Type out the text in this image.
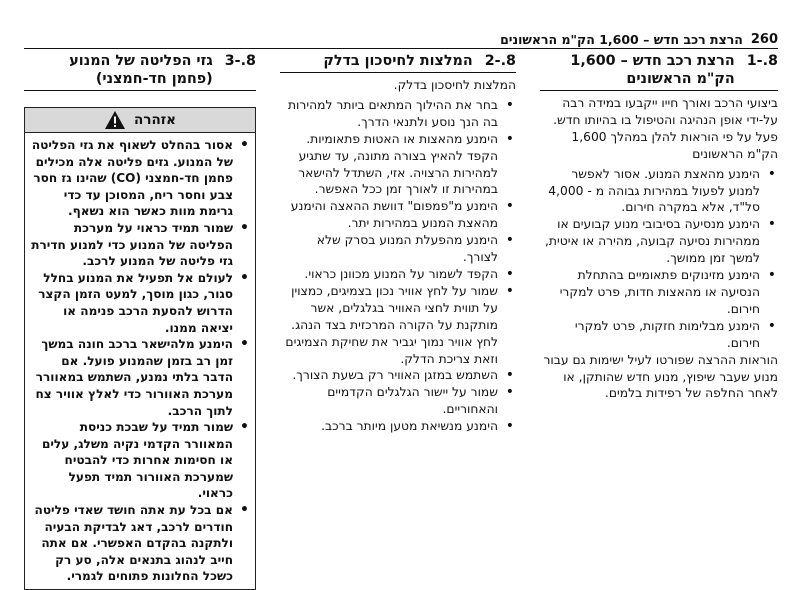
260
הרצת רכב חדש – 1,600 הק"מ הראשונים
8.-1
הרצת רכב חדש – 1,600 הק"מ הראשונים

ביצועי הרכב ואורך חייו ייקבעו במידה רבה על-ידי אופן הנהיגה והטיפול בו בהיותו חדש. פעל על פי הוראות להלן במהלך 1,600 הק"מ הראשונים

• הימנע מהאצת המנוע. אסור לאפשר למנוע לפעול במהירות גבוהה מ - 4,000 סל"ד, אלא במקרה חירום.
• הימנע מנסיעה בסיבובי מנוע קבועים או ממהירות נסיעה קבועה, מהירה או איטית, למשך זמן ממושך.
• הימנע מזינוקים פתאומיים בהתחלת הנסיעה או מהאצות חדות, פרט למקרי חירום.
• הימנע מבלימות חזקות, פרט למקרי חירום.

הוראות ההרצה שפורטו לעיל ישימות גם עבור מנוע שעבר שיפוץ, מנוע חדש שהותקן, או לאחר החלפה של רפידות בלמים.

8.-2
המלצות לחיסכון בדלק

המלצות לחיסכון בדלק.

• בחר את ההילוך המתאים ביותר למהירות בה הנך נוסע ולתנאי הדרך.
• הימנע מהאצות או האטות פתאומיות. הקפד להאיץ בצורה מתונה, עד שתגיע למהירות הרצויה. אזי, השתדל להישאר במהירות זו לאורך זמן ככל האפשר.
• הימנע מ"פמפום" דוושת ההאצה והימנע מהאצת המנוע במהירות יתר.
• הימנע מהפעלת המנוע בסרק שלא לצורך.
• הקפד לשמור על המנוע מכוונן כראוי.
• שמור על לחץ אוויר נכון בצמיגים, כמצוין על תווית לחצי האוויר בגלגלים, אשר מותקנת על הקורה המרכזית בצד הנהג. לחץ אוויר נמוך יגביר את שחיקת הצמיגים וזאת צריכת הדלק.
• השתמש במזגן האוויר רק בשעת הצורך.
• שמור על יישור הגלגלים הקדמיים והאחוריים.
• הימנע מנשיאת מטען מיותר ברכב.
8.-3
גזי הפליטה של המנוע (פחמן חד-חמצני)
אזהרה
• אסור בהחלט לשאוף את גזי הפליטה של המנוע. גזים פליטה אלה מכילים פחמן חד-חמצני (CO) שהינו גז חסר צבע וחסר ריח, המסוכן עד כדי גרימת מוות כאשר הוא נשאף.
• שמור תמיד כראוי על מערכת הפליטה של המנוע כדי למנוע חדירת גזי פליטה של המנוע לרכב.
• לעולם אל תפעיל את המנוע בחלל סגור, כגון מוסך, למעט הזמן הקצר הדרוש להסעת הרכב פנימה או יציאה ממנו.
• הימנע מלהישאר ברכב חונה במשך זמן רב בזמן שהמנוע פועל. אם הדבר בלתי נמנע, השתמש במאוורר מערכת האוורור כדי לאלץ אוויר צח לתוך הרכב.
• שמור תמיד על שבכת כניסת המאוורר הקדמי נקיה משלג, עלים או חסימות אחרות כדי להבטיח שמערכת האוורור תמיד תפעל כראוי.
• אם בכל עת אתה חושד שאדי פליטה חודרים לרכב, דאג לבדיקת הבעיה ולתקנה בהקדם האפשרי. אם אתה חייב לנהוג בתנאים אלה, סע רק כשכל החלונות פתוחים לגמרי.
